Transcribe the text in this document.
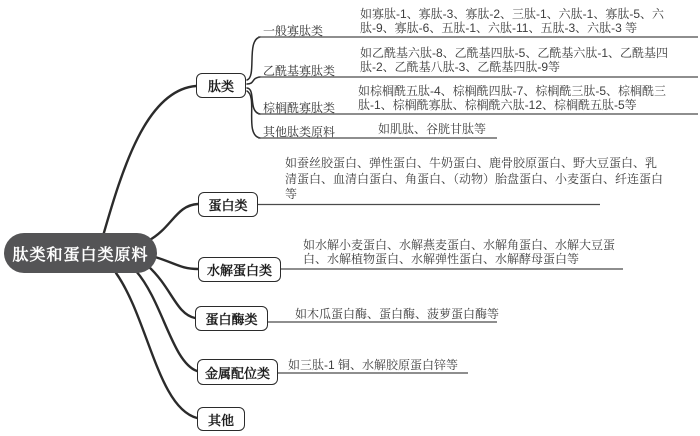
肽类和蛋白类原料
肽类
蛋白类
水解蛋白类
蛋白酶类
金属配位类
其他
一般寡肽类
乙酰基寡肽类
棕榈酰寡肽类
其他肽类原料
如寡肽-1、寡肽-3、寡肽-2、三肽-1、六肽-1、寡肽-5、六肽-9、寡肽-6、五肽-1、六肽-11、五肽-3、六肽-3 等
如乙酰基六肽-8、乙酰基四肽-5、乙酰基六肽-1、乙酰基四肽-2、乙酰基八肽-3、乙酰基四肽-9等
如棕榈酰五肽-4、棕榈酰四肽-7、棕榈酰三肽-5、棕榈酰三肽-1、棕榈酰寡肽、棕榈酰六肽-12、棕榈酰五肽-5等
如肌肽、谷胱甘肽等
如蚕丝胶蛋白、弹性蛋白、牛奶蛋白、鹿骨胶原蛋白、野大豆蛋白、乳清蛋白、血清白蛋白、角蛋白、（动物）胎盘蛋白、小麦蛋白、纤连蛋白等
如水解小麦蛋白、水解燕麦蛋白、水解角蛋白、水解大豆蛋白、水解植物蛋白、水解弹性蛋白、水解酵母蛋白等
如木瓜蛋白酶、蛋白酶、菠萝蛋白酶等
如三肽-1 铜、水解胶原蛋白锌等
